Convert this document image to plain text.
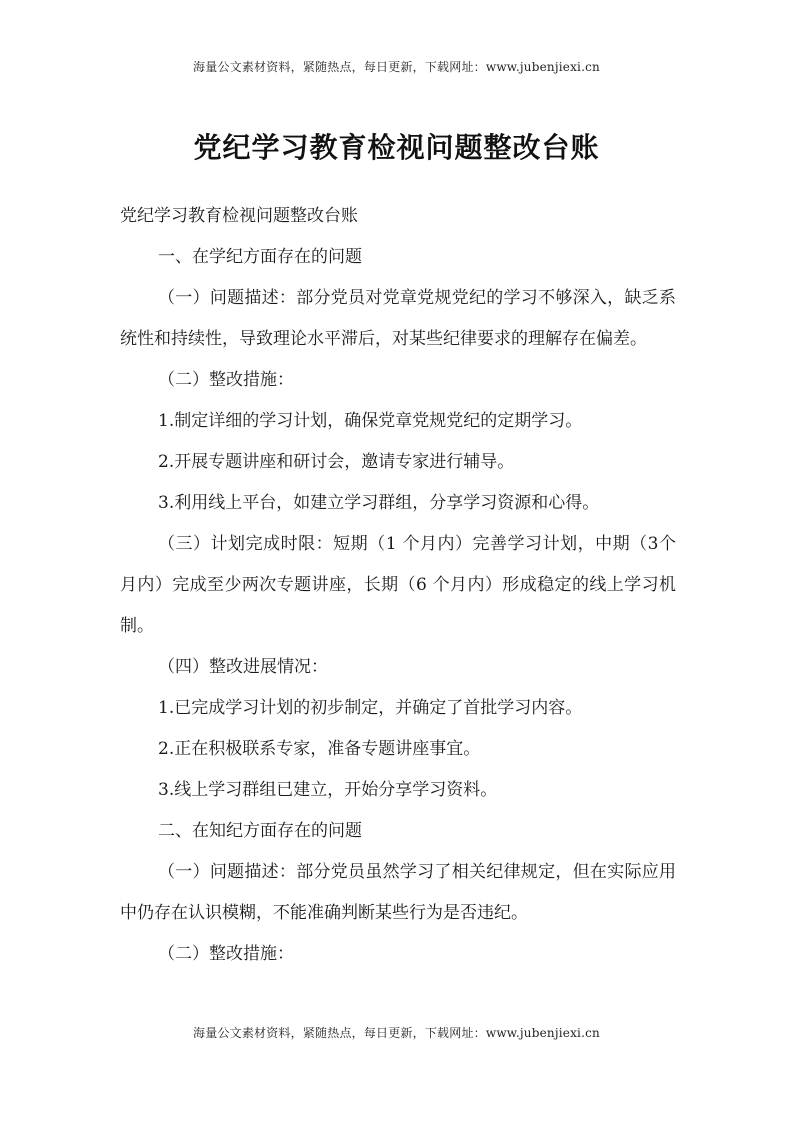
海量公文素材资料，紧随热点，每日更新，下载网址：www.jubenjiexi.cn
党纪学习教育检视问题整改台账

党纪学习教育检视问题整改台账

一、在学纪方面存在的问题

（一）问题描述：部分党员对党章党规党纪的学习不够深入，缺乏系统性和持续性，导致理论水平滞后，对某些纪律要求的理解存在偏差。

（二）整改措施：

1.制定详细的学习计划，确保党章党规党纪的定期学习。

2.开展专题讲座和研讨会，邀请专家进行辅导。

3.利用线上平台，如建立学习群组，分享学习资源和心得。

（三）计划完成时限：短期（1 个月内）完善学习计划，中期（3个月内）完成至少两次专题讲座，长期（6 个月内）形成稳定的线上学习机制。

（四）整改进展情况：

1.已完成学习计划的初步制定，并确定了首批学习内容。

2.正在积极联系专家，准备专题讲座事宜。

3.线上学习群组已建立，开始分享学习资料。

二、在知纪方面存在的问题

（一）问题描述：部分党员虽然学习了相关纪律规定，但在实际应用中仍存在认识模糊，不能准确判断某些行为是否违纪。

（二）整改措施：

海量公文素材资料，紧随热点，每日更新，下载网址：www.jubenjiexi.cn
